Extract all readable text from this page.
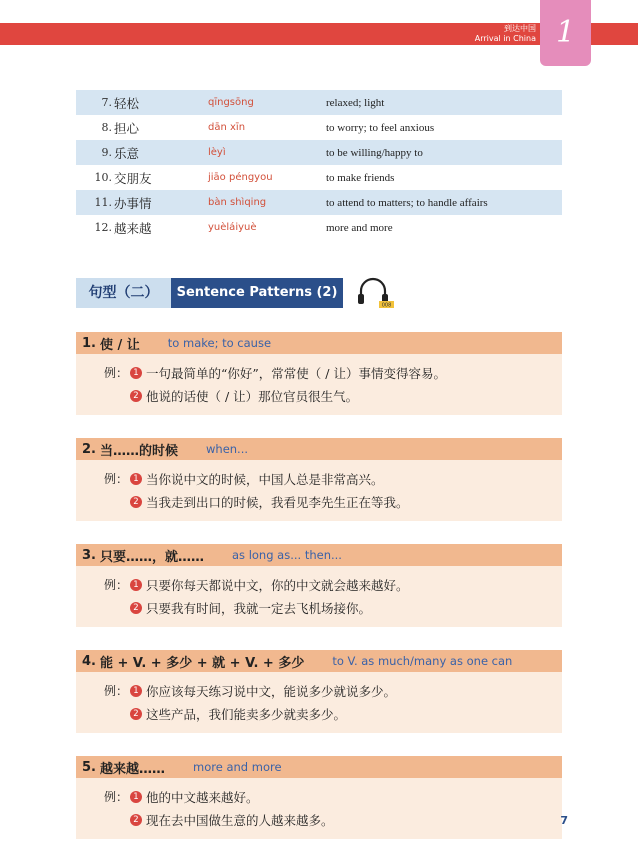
到达中国
Arrival in China 1
7. 轻松	qīngsōng	relaxed; light
8. 担心	dān xīn	to worry; to feel anxious
9. 乐意	lèyì	to be willing/happy to
10. 交朋友	jiāo péngyou	to make friends
11. 办事情	bàn shìqing	to attend to matters; to handle affairs
12. 越来越	yuèláiyuè	more and more
句型（二）	Sentence Patterns (2)
008
1. 使 / 让 to make; to cause
例： 1 一句最简单的“你好”，常常使（ / 让）事情变得容易。
2 他说的话使（ / 让）那位官员很生气。
2. 当……的时候 when...
例： 1 当你说中文的时候，中国人总是非常高兴。
2 当我走到出口的时候，我看见李先生正在等我。
3. 只要……，就…… as long as... then...
例： 1 只要你每天都说中文，你的中文就会越来越好。
2 只要我有时间，我就一定去飞机场接你。
4. 能 + V. + 多少 + 就 + V. + 多少 to V. as much/many as one can
例： 1 你应该每天练习说中文，能说多少就说多少。
2 这些产品，我们能卖多少就卖多少。
5. 越来越…… more and more
例： 1 他的中文越来越好。
2 现在去中国做生意的人越来越多。	7
